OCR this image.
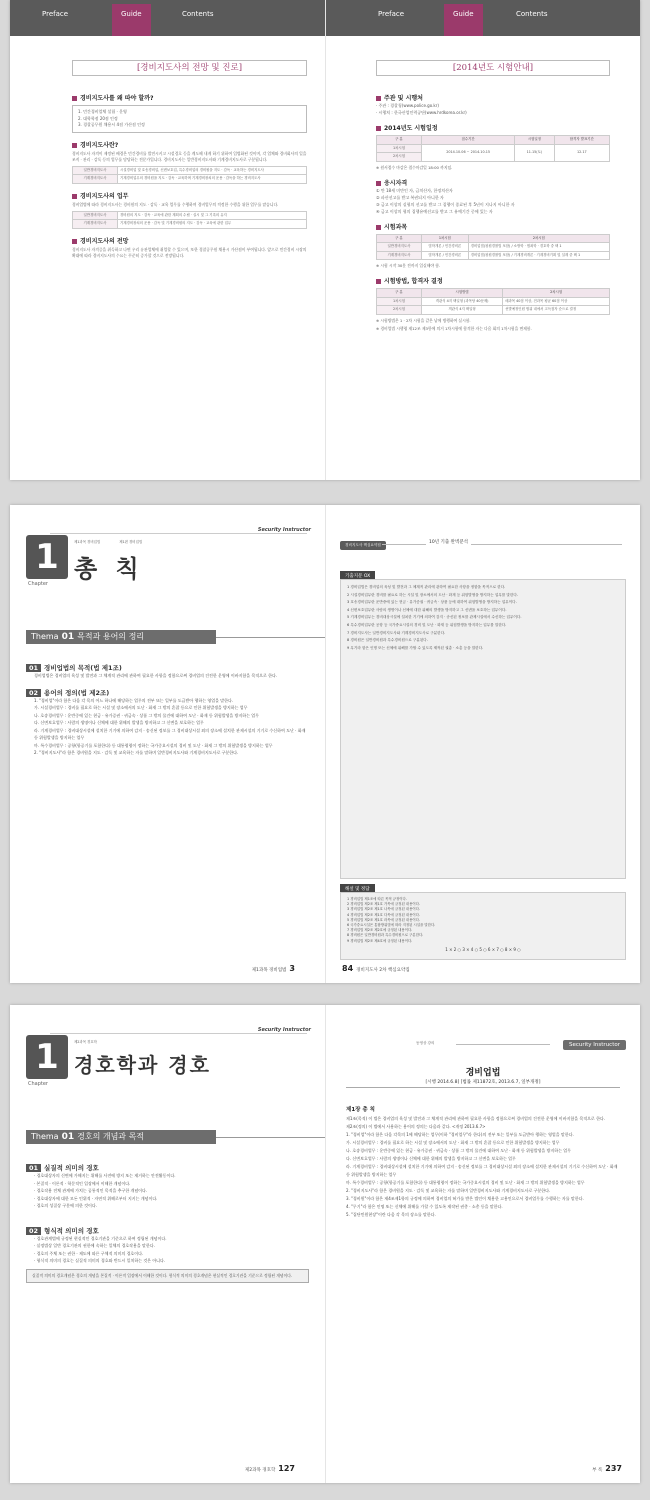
Preface	Guide	Contents
[경비지도사의 전망 및 진로]
경비지도사를 왜 따야 할까?
1. 민간경비업체 설립 · 운영
2. 대학학점 20점 인정
3. 경찰공무원 채용시 4점 가산점 인정
경비지도사란?
경비지도사 자격이 제정된 배경은 민간경비를 발전시키고 시설경호 등을 계도해 내게 하기 위하여 입법화된 것이며, 각 업체와 경비회사의 일을 조직 · 관리 · 감독 등의 업무를 담당하는 전문가입니다. 경비지도사는 일반경비지도사와 기계경비지도사로 구분됩니다.
일반경비지도사	시설경비업 및 호송경비업, 신변보호업, 특수경비업의 경비원을 지도 · 감독 · 교육하는 경비지도사
기계경비지도사	기계경비업무의 경비원을 지도 · 감독 · 교육하며 기계경비장치의 운용 · 감독을 하는 경비지도사
경비지도사의 업무
경비업법에 따라 경비지도사는 경비원의 지도 · 감독 · 교육 업무를 수행하며 경비업무의 적정한 수행을 위한 업무를 맡습니다.
일반경비지도사	경비원의 지도 · 감독 · 교육에 관한 계획의 수립 · 실시 및 그 기록의 유지
기계경비지도사	기계경비장치의 운용 · 감독 및 기계경비원의 지도 · 감독 · 교육에 관한 업무
경비지도사의 전망
경비지도사 자격증을 취득하고 나면 우리 유관업체에 취업할 수 있으며, 또한 경찰공무원 채용시 가산점이 부여됩니다. 앞으로 민간경비 시장의 확대에 따라 경비지도사의 수요는 꾸준히 증가할 것으로 전망됩니다.
Preface	Guide	Contents
[2014년도 시험안내]
주관 및 시행처
· 주관 : 경찰청(www.police.go.kr)
· 시행처 : 한국산업인력공단(www.hrdkorea.or.kr)
2014년도 시험일정
구 분	접수기간	시험일정	합격자 발표기간
1차시험	2014.10.06 ~ 2014.10.15	11.15(토)	12.17
2차시험			
※ 원서접수 마감은 접수마감일 18:00 까지임.
응시자격
① 만 18세 미만인 자, 금치산자, 한정치산자
② 파산선고를 받고 복권되지 아니한 자
③ 금고 이상의 실형의 선고를 받고 그 집행이 종료된 후 5년이 지나지 아니한 자
④ 금고 이상의 형의 집행유예선고를 받고 그 유예기간 중에 있는 자
시험과목
구 분	1차시험	2차시험
일반경비지도사	법학개론 / 민간경비론	경비업법(청원경찰법 포함) / 소방학 · 범죄학 · 경호학 중 택 1
기계경비지도사	법학개론 / 민간경비론	경비업법(청원경찰법 포함) / 기계경비개론 · 기계경비기획 및 설계 중 택 1
※ 시험 시작 30분 전까지 입실해야 함.
시험방법, 합격자 결정
구 분	시험방법	2차시험
1차시험	객관식 4지 택일형 (과목당 40문제)	매과목 40점 이상, 전과목 평균 60점 이상
2차시험	객관식 4지 택일형	선발예정인원 범위 내에서 고득점자 순으로 결정
※ 시험방법은 1 · 2차 시험을 같은 날에 병행하여 실시함.
※ 경비업법 시행령 제12조 제3항에 의거 1차시험에 합격한 자는 다음 회의 1차시험을 면제함.
Security Instructor
1
Chapter
제1과목 경비업법	제1편 경비업법
총 칙
Thema 01 목적과 용어의 정리
01 경비업법의 목적(법 제1조)
경비업법은 경비업의 육성 및 발전과 그 체계적 관리에 관하여 필요한 사항을 정함으로써 경비업의 건전한 운영에 이바지함을 목적으로 한다.
02 용어의 정의(법 제2조)
1. "경비업"이라 함은 다음 각 목의 어느 하나에 해당하는 업무의 전부 또는 일부를 도급받아 행하는 영업을 말한다.
가. 시설경비업무 : 경비를 필요로 하는 시설 및 장소에서의 도난 · 화재 그 밖의 혼잡 등으로 인한 위험발생을 방지하는 업무
나. 호송경비업무 : 운반중에 있는 현금 · 유가증권 · 귀금속 · 상품 그 밖의 물건에 대하여 도난 · 화재 등 위험발생을 방지하는 업무
다. 신변보호업무 : 사람의 생명이나 신체에 대한 위해의 발생을 방지하고 그 신변을 보호하는 업무
라. 기계경비업무 : 경비대상시설에 설치한 기기에 의하여 감지 · 송신된 정보를 그 경비대상시설 외의 장소에 설치한 관제시설의 기기로 수신하여 도난 · 화재 등 위험발생을 방지하는 업무
마. 특수경비업무 : 공항(항공기를 포함한다) 등 대통령령이 정하는 국가중요시설의 경비 및 도난 · 화재 그 밖의 위험발생을 방지하는 업무
2. "경비지도사"라 함은 경비원을 지도 · 감독 및 교육하는 자를 말하며 일반경비지도사와 기계경비지도사로 구분한다.
제1과목 경비업법 3
경비지도사 핵심요약집	10년 기출 완벽분석
기출지문 OX
1 경비업법은 경비업의 육성 및 발전과 그 체계적 관리에 관하여 필요한 사항을 정함을 목적으로 한다.
2 시설경비업무란 경비를 필요로 하는 시설 및 장소에서의 도난 · 화재 등 위험발생을 방지하는 업무를 말한다.
3 호송경비업무란 운반중에 있는 현금 · 유가증권 · 귀금속 · 상품 등에 대하여 위험발생을 방지하는 업무이다.
4 신변보호업무란 사람의 생명이나 신체에 대한 위해의 발생을 방지하고 그 신변을 보호하는 업무이다.
5 기계경비업무는 경비대상시설에 설치한 기기에 의하여 감지 · 송신된 정보를 관제시설에서 수신하는 업무이다.
6 특수경비업무란 공항 등 국가중요시설의 경비 및 도난 · 화재 등 위험발생을 방지하는 업무를 말한다.
7 경비지도사는 일반경비지도사와 기계경비지도사로 구분한다.
8 경비원은 일반경비원과 특수경비원으로 구분된다.
9 무기라 함은 인명 또는 신체에 위해를 가할 수 있도록 제작된 권총 · 소총 등을 말한다.
해설 및 정답
1 경비업법 제1조에 따른 목적 규정이다.
2 경비업법 제2조 제1호 가목에 규정된 내용이다.
3 경비업법 제2조 제1호 나목에 규정된 내용이다.
4 경비업법 제2조 제1호 다목에 규정된 내용이다.
5 경비업법 제2조 제1호 라목에 규정된 내용이다.
6 국가중요시설은 통합방위법에 따라 지정된 시설을 말한다.
7 경비업법 제2조 제2호에 규정된 내용이다.
8 경비원은 일반경비원과 특수경비원으로 구분한다.
9 경비업법 제2조 제4호에 규정된 내용이다.
1 × 2 ○ 3 × 4 ○ 5 ○ 6 × 7 ○ 8 × 9 ○
84 경비지도사 2차 핵심요약집
Security Instructor
1
Chapter
제2과목 경호학
경호학과 경호
Thema 01 경호의 개념과 목적
01 실질적 의미의 경호
· 경호대상자의 신변에 가해지는 위해를 사전에 방지 또는 제거하는 안전활동이다.
· 본질적 · 이론적 · 학문적인 입장에서 이해한 개념이다.
· 경호작용 전체 관계에 가치는 공통적인 목적을 추구한 개념이다.
· 경호대상자에 대한 모든 인위적 · 자연적 위해로부터 지키는 개념이다.
· 경호의 성질상 구분에 의한 것이다.
02 형식적 의미의 경호
· 경호관계법에 규정된 현실적인 경호기관을 기준으로 하여 정립된 개념이다.
· 실정법상 일반 경호기관의 권한에 속하는 일체의 경호작용을 말한다.
· 경호의 주체 또는 권한 · 제도에 따른 구체적 의미의 경호이다.
· 형식적 의미의 경호는 실질적 의미의 경호와 반드시 일치하는 것은 아니다.
실질적 의미의 경호개념은 경호의 개념을 본질적 · 이론적 입장에서 이해한 것이다. 형식적 의미의 경호개념은 현실적인 경호기관을 기준으로 정립된 개념이다.
제2과목 경호학 127
동영상 강의	Security Instructor
경비업법
[시행 2014.6.8] [법률 제11872호, 2013.6.7, 일부개정]
제1장 총 칙
제1조(목적) 이 법은 경비업의 육성 및 발전과 그 체계적 관리에 관하여 필요한 사항을 정함으로써 경비업의 건전한 운영에 이바지함을 목적으로 한다.
제2조(정의) 이 법에서 사용하는 용어의 정의는 다음과 같다. <개정 2013.6.7>
1. "경비업"이라 함은 다음 각목의 1에 해당하는 업무(이하 "경비업무"라 한다)의 전부 또는 일부를 도급받아 행하는 영업을 말한다.
가. 시설경비업무 : 경비를 필요로 하는 시설 및 장소에서의 도난 · 화재 그 밖의 혼잡 등으로 인한 위험발생을 방지하는 업무
나. 호송경비업무 : 운반중에 있는 현금 · 유가증권 · 귀금속 · 상품 그 밖의 물건에 대하여 도난 · 화재 등 위험발생을 방지하는 업무
다. 신변보호업무 : 사람의 생명이나 신체에 대한 위해의 발생을 방지하고 그 신변을 보호하는 업무
라. 기계경비업무 : 경비대상시설에 설치한 기기에 의하여 감지 · 송신된 정보를 그 경비대상시설 외의 장소에 설치한 관제시설의 기기로 수신하여 도난 · 화재 등 위험발생을 방지하는 업무
마. 특수경비업무 : 공항(항공기를 포함한다) 등 대통령령이 정하는 국가중요시설의 경비 및 도난 · 화재 그 밖의 위험발생을 방지하는 업무
2. "경비지도사"라 함은 경비원을 지도 · 감독 및 교육하는 자를 말하며 일반경비지도사와 기계경비지도사로 구분한다.
3. "경비원"이라 함은 제4조제1항의 규정에 의하여 경비업의 허가를 받은 법인이 채용한 고용인으로서 경비업무를 수행하는 자를 말한다.
4. "무기"라 함은 인명 또는 신체에 위해를 가할 수 있도록 제작된 권총 · 소총 등을 말한다.
5. "집단민원현장"이란 다음 각 목의 장소를 말한다.
부 록 237
